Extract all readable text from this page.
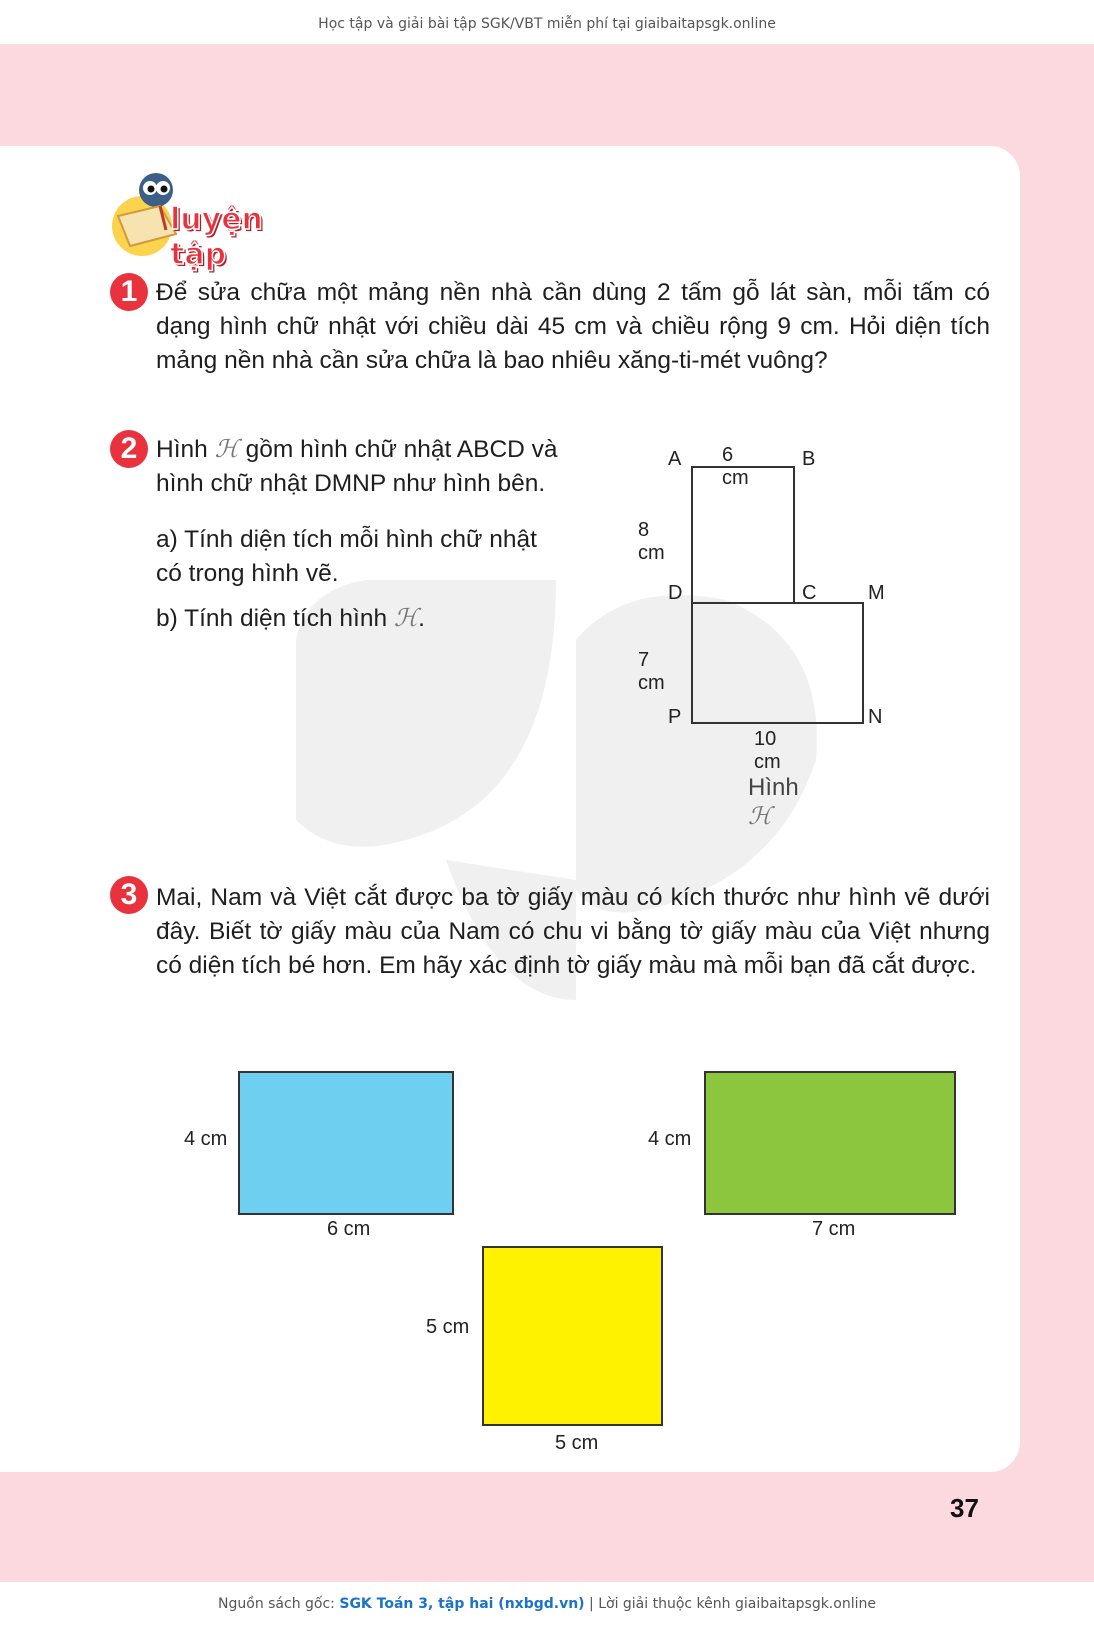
Học tập và giải bài tập SGK/VBT miễn phí tại giaibaitapsgk.online
luyện tập
1 Để sửa chữa một mảng nền nhà cần dùng 2 tấm gỗ lát sàn, mỗi tấm có dạng hình chữ nhật với chiều dài 45 cm và chiều rộng 9 cm. Hỏi diện tích mảng nền nhà cần sửa chữa là bao nhiêu xăng-ti-mét vuông?
2 Hình ℋ gồm hình chữ nhật ABCD và hình chữ nhật DMNP như hình bên.
a) Tính diện tích mỗi hình chữ nhật có trong hình vẽ.
b) Tính diện tích hình ℋ.
A	B
D	C	M
P	N
6 cm
8 cm
7 cm
10 cm
Hình ℋ
3 Mai, Nam và Việt cắt được ba tờ giấy màu có kích thước như hình vẽ dưới đây. Biết tờ giấy màu của Nam có chu vi bằng tờ giấy màu của Việt nhưng có diện tích bé hơn. Em hãy xác định tờ giấy màu mà mỗi bạn đã cắt được.
4 cm
6 cm
4 cm
7 cm
5 cm
5 cm
37
Nguồn sách gốc: SGK Toán 3, tập hai (nxbgd.vn) | Lời giải thuộc kênh giaibaitapsgk.online
